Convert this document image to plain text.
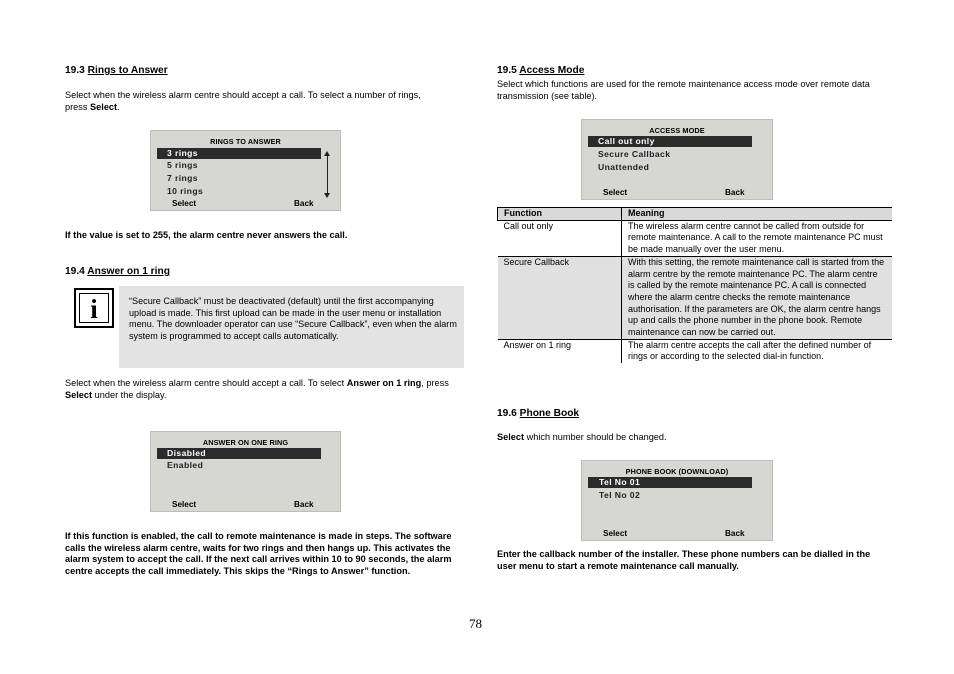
19.3 Rings to Answer
Select when the wireless alarm centre should accept a call. To select a number of rings, press Select.
RINGS TO ANSWER
3 rings
5 rings
7 rings
10 rings
Select	Back
If the value is set to 255, the alarm centre never answers the call.
19.4 Answer on 1 ring
i	“Secure Callback” must be deactivated (default) until the first accompanying upload is made. This first upload can be made in the user menu or installation menu. The downloader operator can use “Secure Callback”, even when the alarm system is programmed to accept calls automatically.
Select when the wireless alarm centre should accept a call. To select Answer on 1 ring, press Select under the display.
ANSWER ON ONE RING
Disabled
Enabled
Select	Back
If this function is enabled, the call to remote maintenance is made in steps. The software calls the wireless alarm centre, waits for two rings and then hangs up. This activates the alarm system to accept the call. If the next call arrives within 10 to 90 seconds, the alarm centre accepts the call immediately. This skips the “Rings to Answer” function.
19.5 Access Mode
Select which functions are used for the remote maintenance access mode over remote data transmission (see table).
ACCESS MODE
Call out only
Secure Callback
Unattended
Select	Back
Function	Meaning
Call out only	The wireless alarm centre cannot be called from outside for remote maintenance. A call to the remote maintenance PC must be made manually over the user menu.
Secure Callback	With this setting, the remote maintenance call is started from the alarm centre by the remote maintenance PC. The alarm centre is called by the remote maintenance PC. A call is connected where the alarm centre checks the remote maintenance authorisation. If the parameters are OK, the alarm centre hangs up and calls the phone number in the phone book. Remote maintenance can now be carried out.
Answer on 1 ring	The alarm centre accepts the call after the defined number of rings or according to the selected dial-in function.
19.6 Phone Book
Select which number should be changed.
PHONE BOOK (DOWNLOAD)
Tel No 01
Tel No 02
Select	Back
Enter the callback number of the installer. These phone numbers can be dialled in the user menu to start a remote maintenance call manually.
78
